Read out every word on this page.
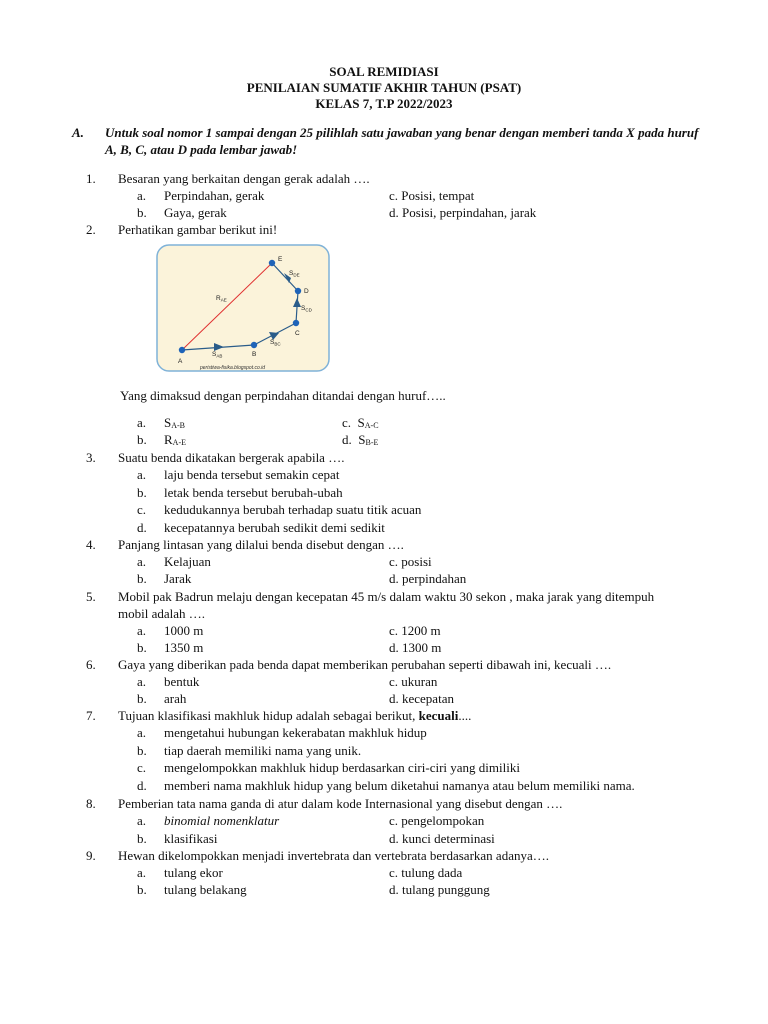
SOAL REMIDIASI
PENILAIAN SUMATIF AKHIR TAHUN (PSAT)
KELAS 7, T.P 2022/2023
A. Untuk soal nomor 1 sampai dengan 25 pilihlah satu jawaban yang benar dengan memberi tanda X pada huruf A, B, C, atau D pada lembar jawab!
1. Besaran yang berkaitan dengan gerak adalah ….
a. Perpindahan, gerak
b. Gaya, gerak
c. Posisi, tempat
d. Posisi, perpindahan, jarak
2. Perhatikan gambar berikut ini!
A
B
C
D
E
$R_{AE}$
$S_{AB}$
$S_{BC}$
$S_{CD}$
$S_{DE}$
peristiwa-fisika.blogspot.co.id
Yang dimaksud dengan perpindahan ditandai dengan huruf…..
a. $S_{A-B}$
b. $R_{A-E}$
c. $S_{A-C}$
d. $S_{B-E}$
3. Suatu benda dikatakan bergerak apabila ….
a. laju benda tersebut semakin cepat
b. letak benda tersebut berubah-ubah
c. kedudukannya berubah terhadap suatu titik acuan
d. kecepatannya berubah sedikit demi sedikit
4. Panjang lintasan yang dilalui benda disebut dengan ….
a. Kelajuan
b. Jarak
c. posisi
d. perpindahan
5. Mobil pak Badrun melaju dengan kecepatan 45 m/s dalam waktu 30 sekon , maka jarak yang ditempuh mobil adalah ….
a. 1000 m
b. 1350 m
c. 1200 m
d. 1300 m
6. Gaya yang diberikan pada benda dapat memberikan perubahan seperti dibawah ini, kecuali ….
a. bentuk
b. arah
c. ukuran
d. kecepatan
7. Tujuan klasifikasi makhluk hidup adalah sebagai berikut, kecuali....
a. mengetahui hubungan kekerabatan makhluk hidup
b. tiap daerah memiliki nama yang unik.
c. mengelompokkan makhluk hidup berdasarkan ciri-ciri yang dimiliki
d. memberi nama makhluk hidup yang belum diketahui namanya atau belum memiliki nama.
8. Pemberian tata nama ganda di atur dalam kode Internasional yang disebut dengan ….
a. binomial nomenklatur
b. klasifikasi
c. pengelompokan
d. kunci determinasi
9. Hewan dikelompokkan menjadi invertebrata dan vertebrata berdasarkan adanya….
a. tulang ekor
b. tulang belakang
c. tulung dada
d. tulang punggung
